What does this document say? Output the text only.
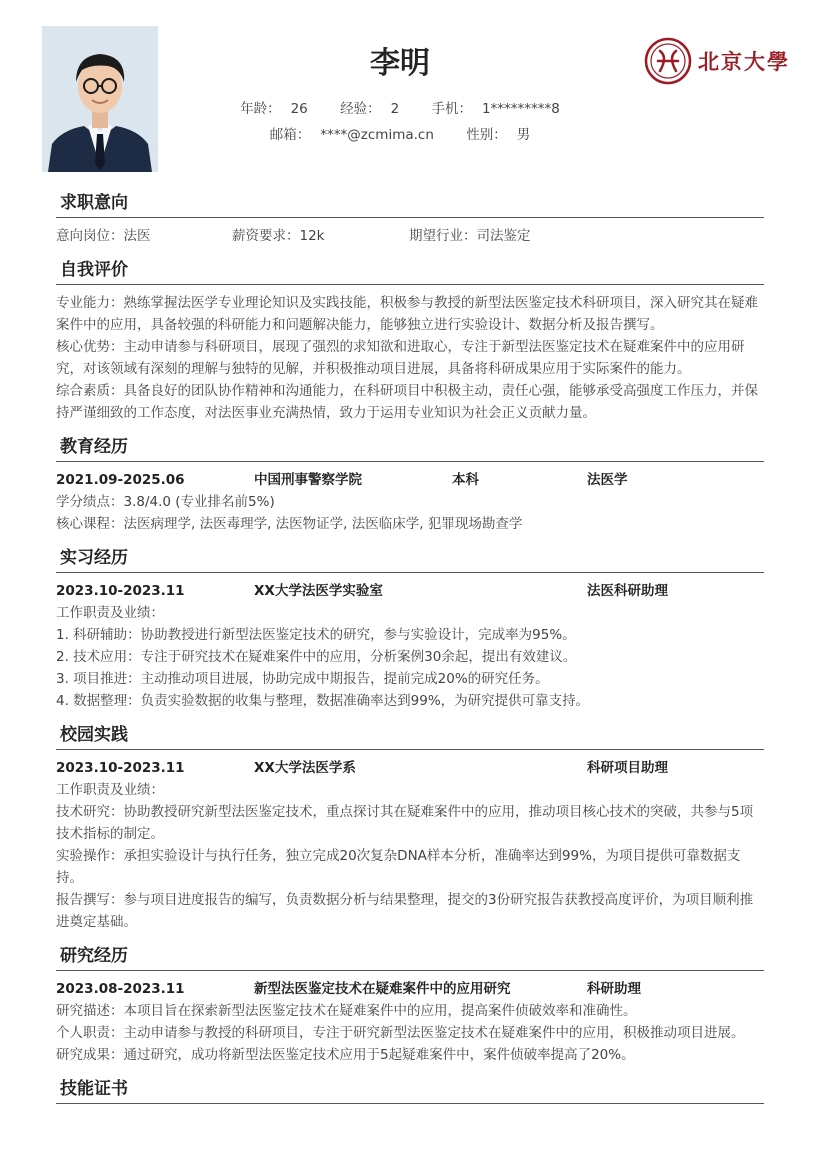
李明	北京大學
年龄： 26 经验： 2 手机： 1*********8
邮箱： ****@zcmima.cn 性别： 男
求职意向
意向岗位：法医	薪资要求：12k	期望行业：司法鉴定
自我评价
专业能力：熟练掌握法医学专业理论知识及实践技能，积极参与教授的新型法医鉴定技术科研项目，深入研究其在疑难案件中的应用，具备较强的科研能力和问题解决能力，能够独立进行实验设计、数据分析及报告撰写。
核心优势：主动申请参与科研项目，展现了强烈的求知欲和进取心，专注于新型法医鉴定技术在疑难案件中的应用研究，对该领域有深刻的理解与独特的见解，并积极推动项目进展，具备将科研成果应用于实际案件的能力。
综合素质：具备良好的团队协作精神和沟通能力，在科研项目中积极主动，责任心强，能够承受高强度工作压力，并保持严谨细致的工作态度，对法医事业充满热情，致力于运用专业知识为社会正义贡献力量。
教育经历
2021.09-2025.06	中国刑事警察学院	本科	法医学
学分绩点：3.8/4.0 (专业排名前5%)
核心课程：法医病理学, 法医毒理学, 法医物证学, 法医临床学, 犯罪现场勘查学
实习经历
2023.10-2023.11	XX大学法医学实验室	法医科研助理
工作职责及业绩：
1. 科研辅助：协助教授进行新型法医鉴定技术的研究，参与实验设计，完成率为95%。
2. 技术应用：专注于研究技术在疑难案件中的应用，分析案例30余起，提出有效建议。
3. 项目推进：主动推动项目进展，协助完成中期报告，提前完成20%的研究任务。
4. 数据整理：负责实验数据的收集与整理，数据准确率达到99%，为研究提供可靠支持。
校园实践
2023.10-2023.11	XX大学法医学系	科研项目助理
工作职责及业绩：
技术研究：协助教授研究新型法医鉴定技术，重点探讨其在疑难案件中的应用，推动项目核心技术的突破，共参与5项技术指标的制定。
实验操作：承担实验设计与执行任务，独立完成20次复杂DNA样本分析，准确率达到99%，为项目提供可靠数据支持。
报告撰写：参与项目进度报告的编写，负责数据分析与结果整理，提交的3份研究报告获教授高度评价，为项目顺利推进奠定基础。
研究经历
2023.08-2023.11	新型法医鉴定技术在疑难案件中的应用研究	科研助理
研究描述：本项目旨在探索新型法医鉴定技术在疑难案件中的应用，提高案件侦破效率和准确性。
个人职责：主动申请参与教授的科研项目，专注于研究新型法医鉴定技术在疑难案件中的应用，积极推动项目进展。
研究成果：通过研究，成功将新型法医鉴定技术应用于5起疑难案件中，案件侦破率提高了20%。
技能证书
